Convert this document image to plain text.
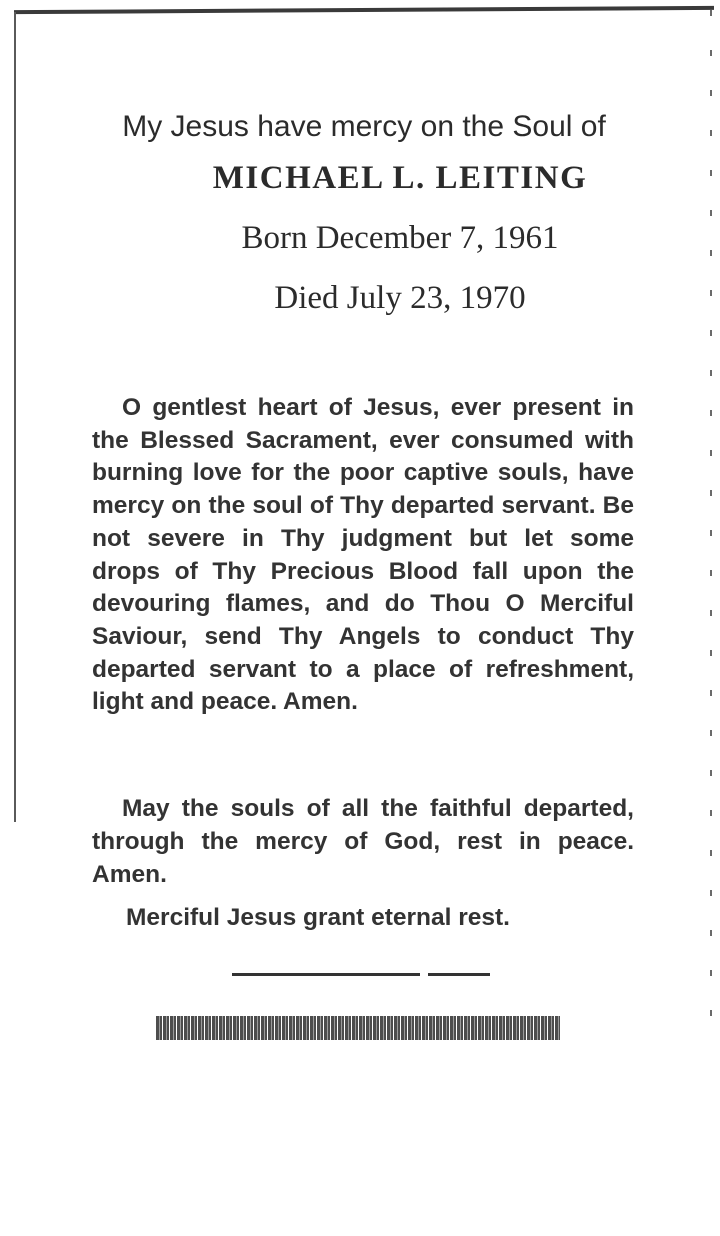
My Jesus have mercy on the Soul of
MICHAEL L. LEITING
Born December 7, 1961
Died July 23, 1970
O gentlest heart of Jesus, ever present in the Blessed Sacrament, ever consumed with burning love for the poor captive souls, have mercy on the soul of Thy departed servant. Be not severe in Thy judgment but let some drops of Thy Precious Blood fall upon the devouring flames, and do Thou O Merciful Saviour, send Thy Angels to conduct Thy departed servant to a place of refreshment, light and peace. Amen.
May the souls of all the faithful departed, through the mercy of God, rest in peace. Amen.
Merciful Jesus grant eternal rest.
